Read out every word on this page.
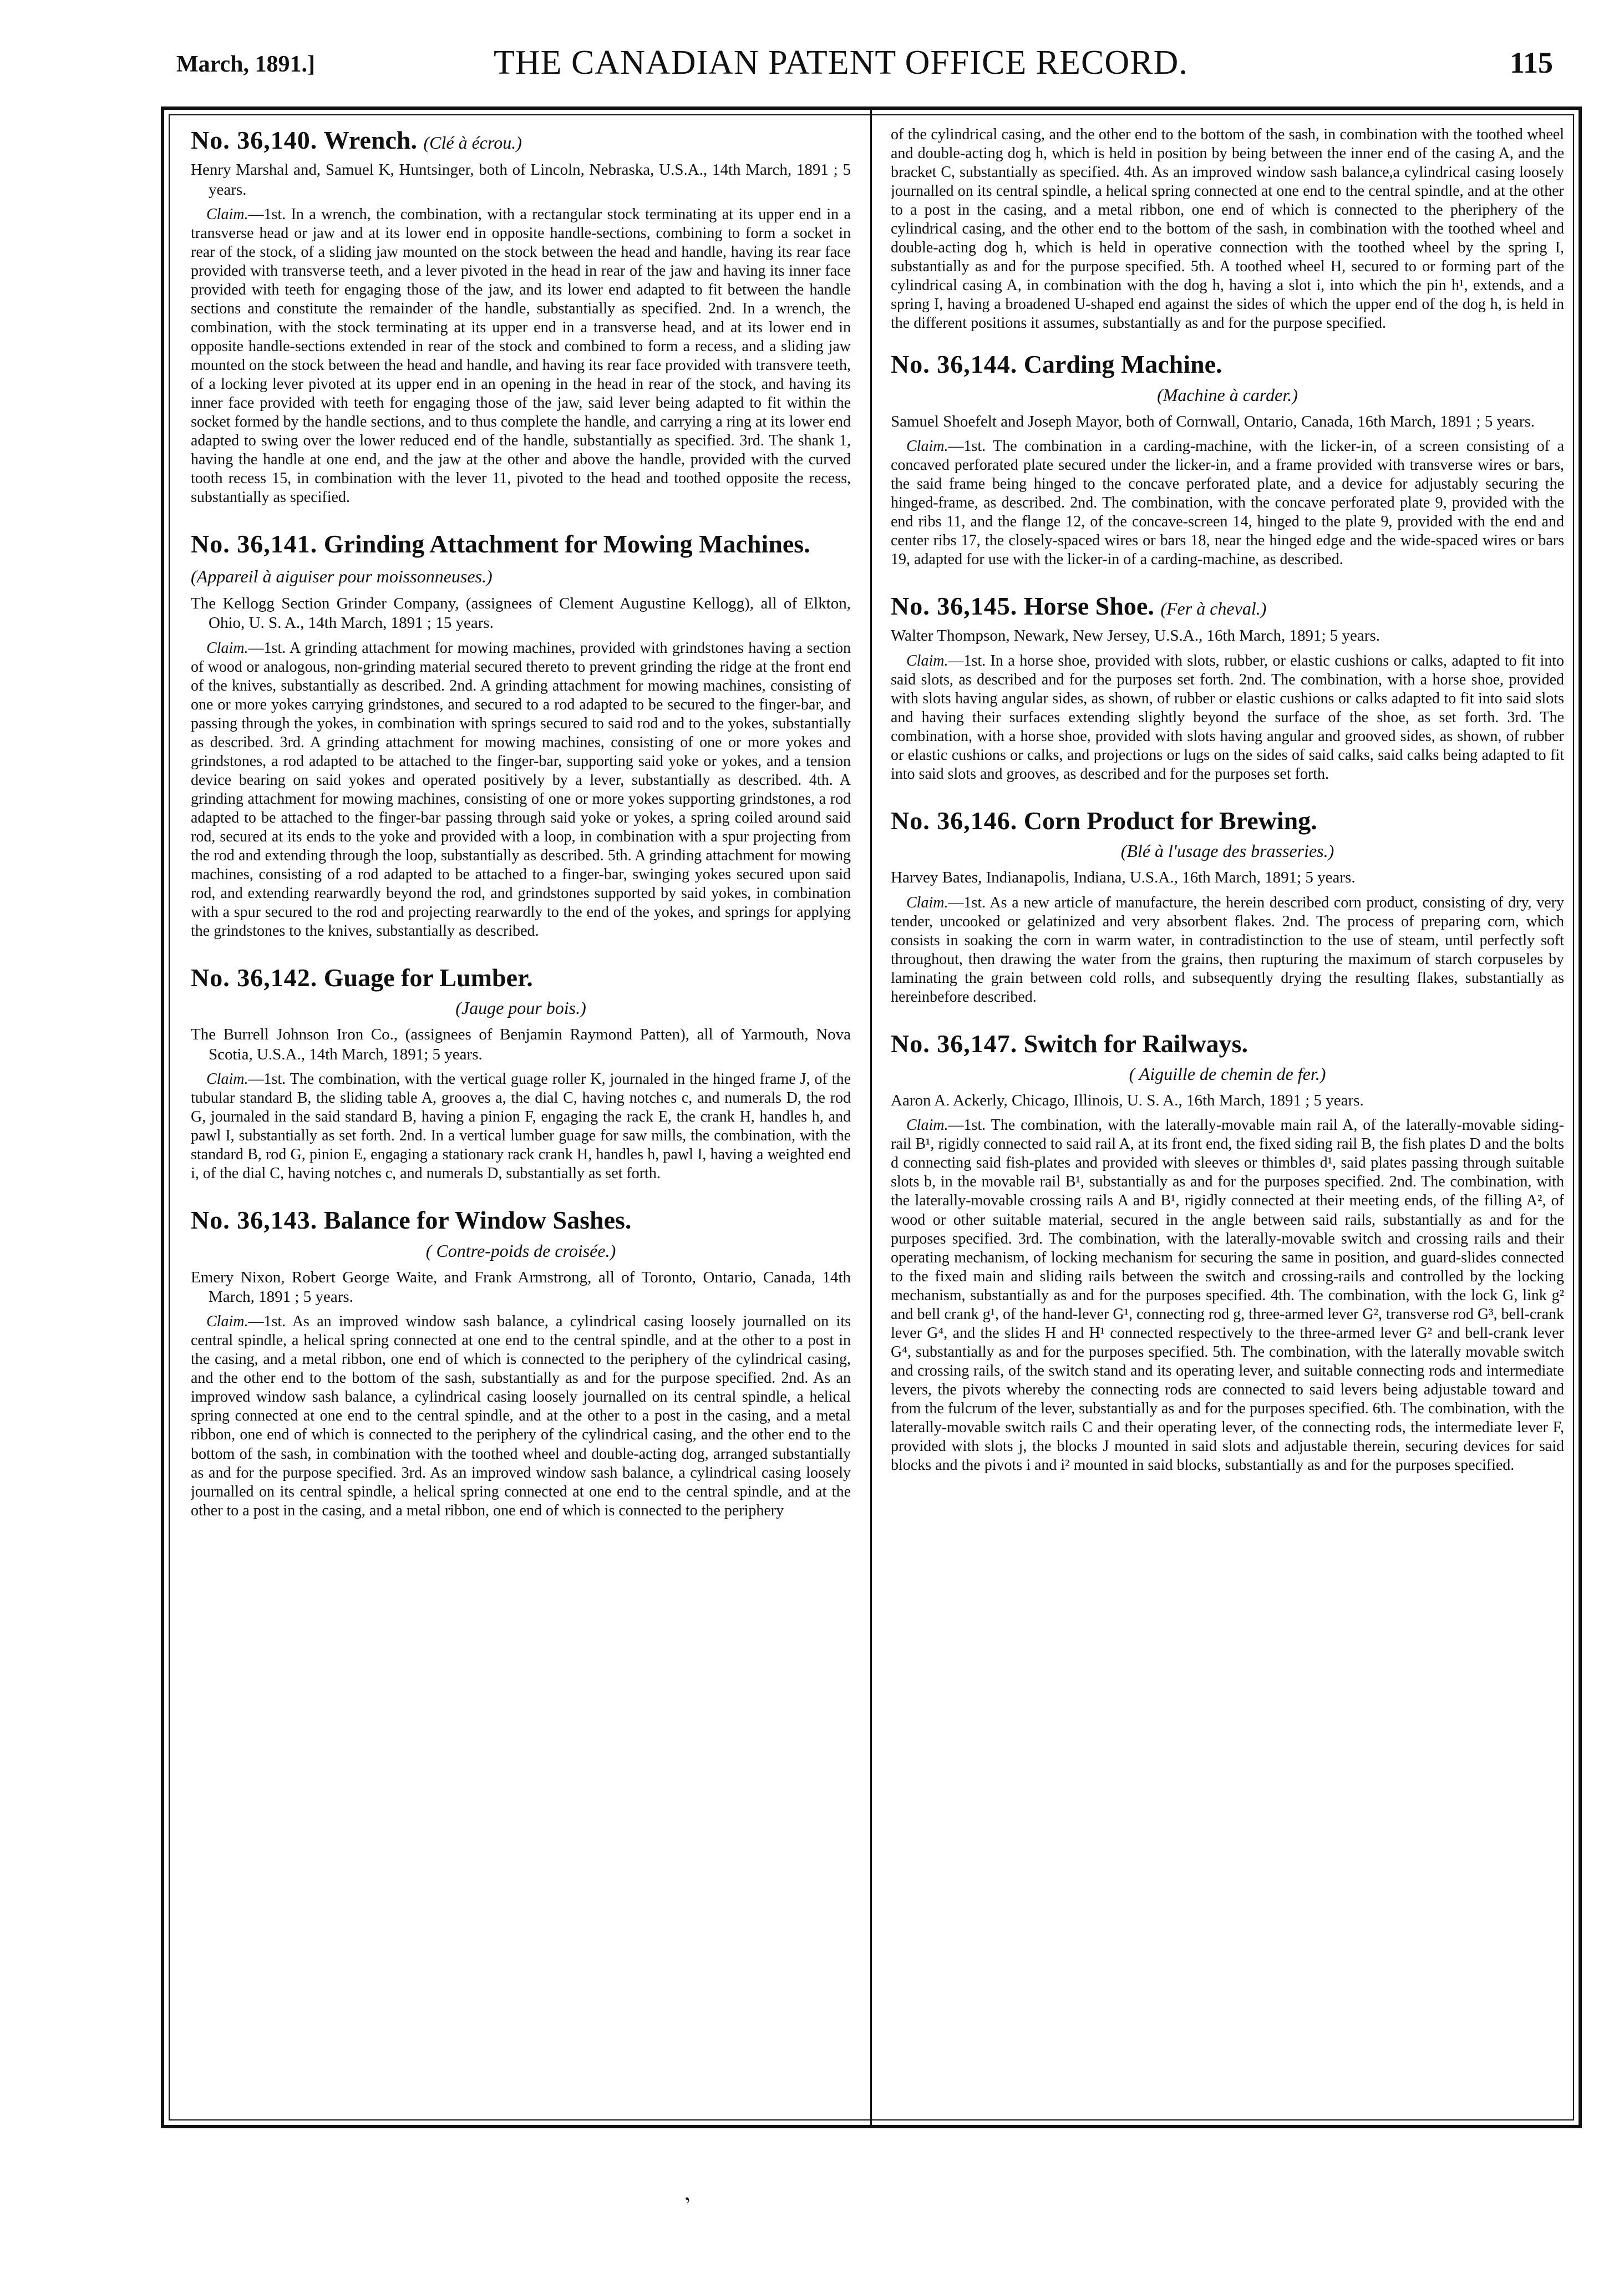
March, 1891.]	THE CANADIAN PATENT OFFICE RECORD.	115

No. 36,140. Wrench. (Clé à écrou.)

Henry Marshal and, Samuel K, Huntsinger, both of Lincoln, Nebraska, U.S.A., 14th March, 1891 ; 5 years.

Claim.—1st. In a wrench, the combination, with a rectangular stock terminating at its upper end in a transverse head or jaw and at its lower end in opposite handle-sections, combining to form a socket in rear of the stock, of a sliding jaw mounted on the stock between the head and handle, having its rear face provided with transverse teeth, and a lever pivoted in the head in rear of the jaw and having its inner face provided with teeth for engaging those of the jaw, and its lower end adapted to fit between the handle sections and constitute the remainder of the handle, substantially as specified. 2nd. In a wrench, the combination, with the stock terminating at its upper end in a transverse head, and at its lower end in opposite handle-sections extended in rear of the stock and combined to form a recess, and a sliding jaw mounted on the stock between the head and handle, and having its rear face provided with transvere teeth, of a locking lever pivoted at its upper end in an opening in the head in rear of the stock, and having its inner face provided with teeth for engaging those of the jaw, said lever being adapted to fit within the socket formed by the handle sections, and to thus complete the handle, and carrying a ring at its lower end adapted to swing over the lower reduced end of the handle, substantially as specified. 3rd. The shank 1, having the handle at one end, and the jaw at the other and above the handle, provided with the curved tooth recess 15, in combination with the lever 11, pivoted to the head and toothed opposite the recess, substantially as specified.

No. 36,141. Grinding Attachment for Mowing Machines. (Appareil à aiguiser pour moissonneuses.)

The Kellogg Section Grinder Company, (assignees of Clement Augustine Kellogg), all of Elkton, Ohio, U. S. A., 14th March, 1891 ; 15 years.

Claim.—1st. A grinding attachment for mowing machines, provided with grindstones having a section of wood or analogous, non-grinding material secured thereto to prevent grinding the ridge at the front end of the knives, substantially as described. 2nd. A grinding attachment for mowing machines, consisting of one or more yokes carrying grindstones, and secured to a rod adapted to be secured to the finger-bar, and passing through the yokes, in combination with springs secured to said rod and to the yokes, substantially as described. 3rd. A grinding attachment for mowing machines, consisting of one or more yokes and grindstones, a rod adapted to be attached to the finger-bar, supporting said yoke or yokes, and a tension device bearing on said yokes and operated positively by a lever, substantially as described. 4th. A grinding attachment for mowing machines, consisting of one or more yokes supporting grindstones, a rod adapted to be attached to the finger-bar passing through said yoke or yokes, a spring coiled around said rod, secured at its ends to the yoke and provided with a loop, in combination with a spur projecting from the rod and extending through the loop, substantially as described. 5th. A grinding attachment for mowing machines, consisting of a rod adapted to be attached to a finger-bar, swinging yokes secured upon said rod, and extending rearwardly beyond the rod, and grindstones supported by said yokes, in combination with a spur secured to the rod and projecting rearwardly to the end of the yokes, and springs for applying the grindstones to the knives, substantially as described.

No. 36,142. Guage for Lumber.

(Jauge pour bois.)

The Burrell Johnson Iron Co., (assignees of Benjamin Raymond Patten), all of Yarmouth, Nova Scotia, U.S.A., 14th March, 1891; 5 years.

Claim.—1st. The combination, with the vertical guage roller K, journaled in the hinged frame J, of the tubular standard B, the sliding table A, grooves a, the dial C, having notches c, and numerals D, the rod G, journaled in the said standard B, having a pinion F, engaging the rack E, the crank H, handles h, and pawl I, substantially as set forth. 2nd. In a vertical lumber guage for saw mills, the combination, with the standard B, rod G, pinion E, engaging a stationary rack crank H, handles h, pawl I, having a weighted end i, of the dial C, having notches c, and numerals D, substantially as set forth.

No. 36,143. Balance for Window Sashes.

( Contre-poids de croisée.)

Emery Nixon, Robert George Waite, and Frank Armstrong, all of Toronto, Ontario, Canada, 14th March, 1891 ; 5 years.

Claim.—1st. As an improved window sash balance, a cylindrical casing loosely journalled on its central spindle, a helical spring connected at one end to the central spindle, and at the other to a post in the casing, and a metal ribbon, one end of which is connected to the periphery of the cylindrical casing, and the other end to the bottom of the sash, substantially as and for the purpose specified. 2nd. As an improved window sash balance, a cylindrical casing loosely journalled on its central spindle, a helical spring connected at one end to the central spindle, and at the other to a post in the casing, and a metal ribbon, one end of which is connected to the periphery of the cylindrical casing, and the other end to the bottom of the sash, in combination with the toothed wheel and double-acting dog, arranged substantially as and for the purpose specified. 3rd. As an improved window sash balance, a cylindrical casing loosely journalled on its central spindle, a helical spring connected at one end to the central spindle, and at the other to a post in the casing, and a metal ribbon, one end of which is connected to the periphery

of the cylindrical casing, and the other end to the bottom of the sash, in combination with the toothed wheel and double-acting dog h, which is held in position by being between the inner end of the casing A, and the bracket C, substantially as specified. 4th. As an improved window sash balance,a cylindrical casing loosely journalled on its central spindle, a helical spring connected at one end to the central spindle, and at the other to a post in the casing, and a metal ribbon, one end of which is connected to the pheriphery of the cylindrical casing, and the other end to the bottom of the sash, in combination with the toothed wheel and double-acting dog h, which is held in operative connection with the toothed wheel by the spring I, substantially as and for the purpose specified. 5th. A toothed wheel H, secured to or forming part of the cylindrical casing A, in combination with the dog h, having a slot i, into which the pin h¹, extends, and a spring I, having a broadened U-shaped end against the sides of which the upper end of the dog h, is held in the different positions it assumes, substantially as and for the purpose specified.

No. 36,144. Carding Machine.

(Machine à carder.)

Samuel Shoefelt and Joseph Mayor, both of Cornwall, Ontario, Canada, 16th March, 1891 ; 5 years.

Claim.—1st. The combination in a carding-machine, with the licker-in, of a screen consisting of a concaved perforated plate secured under the licker-in, and a frame provided with transverse wires or bars, the said frame being hinged to the concave perforated plate, and a device for adjustably securing the hinged-frame, as described. 2nd. The combination, with the concave perforated plate 9, provided with the end ribs 11, and the flange 12, of the concave-screen 14, hinged to the plate 9, provided with the end and center ribs 17, the closely-spaced wires or bars 18, near the hinged edge and the wide-spaced wires or bars 19, adapted for use with the licker-in of a carding-machine, as described.

No. 36,145. Horse Shoe. (Fer à cheval.)

Walter Thompson, Newark, New Jersey, U.S.A., 16th March, 1891; 5 years.

Claim.—1st. In a horse shoe, provided with slots, rubber, or elastic cushions or calks, adapted to fit into said slots, as described and for the purposes set forth. 2nd. The combination, with a horse shoe, provided with slots having angular sides, as shown, of rubber or elastic cushions or calks adapted to fit into said slots and having their surfaces extending slightly beyond the surface of the shoe, as set forth. 3rd. The combination, with a horse shoe, provided with slots having angular and grooved sides, as shown, of rubber or elastic cushions or calks, and projections or lugs on the sides of said calks, said calks being adapted to fit into said slots and grooves, as described and for the purposes set forth.

No. 36,146. Corn Product for Brewing.

(Blé à l'usage des brasseries.)

Harvey Bates, Indianapolis, Indiana, U.S.A., 16th March, 1891; 5 years.

Claim.—1st. As a new article of manufacture, the herein described corn product, consisting of dry, very tender, uncooked or gelatinized and very absorbent flakes. 2nd. The process of preparing corn, which consists in soaking the corn in warm water, in contradistinction to the use of steam, until perfectly soft throughout, then drawing the water from the grains, then rupturing the maximum of starch corpuseles by laminating the grain between cold rolls, and subsequently drying the resulting flakes, substantially as hereinbefore described.

No. 36,147. Switch for Railways.

( Aiguille de chemin de fer.)

Aaron A. Ackerly, Chicago, Illinois, U. S. A., 16th March, 1891 ; 5 years.

Claim.—1st. The combination, with the laterally-movable main rail A, of the laterally-movable siding-rail B¹, rigidly connected to said rail A, at its front end, the fixed siding rail B, the fish plates D and the bolts d connecting said fish-plates and provided with sleeves or thimbles d¹, said plates passing through suitable slots b, in the movable rail B¹, substantially as and for the purposes specified. 2nd. The combination, with the laterally-movable crossing rails A and B¹, rigidly connected at their meeting ends, of the filling A², of wood or other suitable material, secured in the angle between said rails, substantially as and for the purposes specified. 3rd. The combination, with the laterally-movable switch and crossing rails and their operating mechanism, of locking mechanism for securing the same in position, and guard-slides connected to the fixed main and sliding rails between the switch and crossing-rails and controlled by the locking mechanism, substantially as and for the purposes specified. 4th. The combination, with the lock G, link g² and bell crank g¹, of the hand-lever G¹, connecting rod g, three-armed lever G², transverse rod G³, bell-crank lever G⁴, and the slides H and H¹ connected respectively to the three-armed lever G² and bell-crank lever G⁴, substantially as and for the purposes specified. 5th. The combination, with the laterally movable switch and crossing rails, of the switch stand and its operating lever, and suitable connecting rods and intermediate levers, the pivots whereby the connecting rods are connected to said levers being adjustable toward and from the fulcrum of the lever, substantially as and for the purposes specified. 6th. The combination, with the laterally-movable switch rails C and their operating lever, of the connecting rods, the intermediate lever F, provided with slots j, the blocks J mounted in said slots and adjustable therein, securing devices for said blocks and the pivots i and i² mounted in said blocks, substantially as and for the purposes specified.

,
